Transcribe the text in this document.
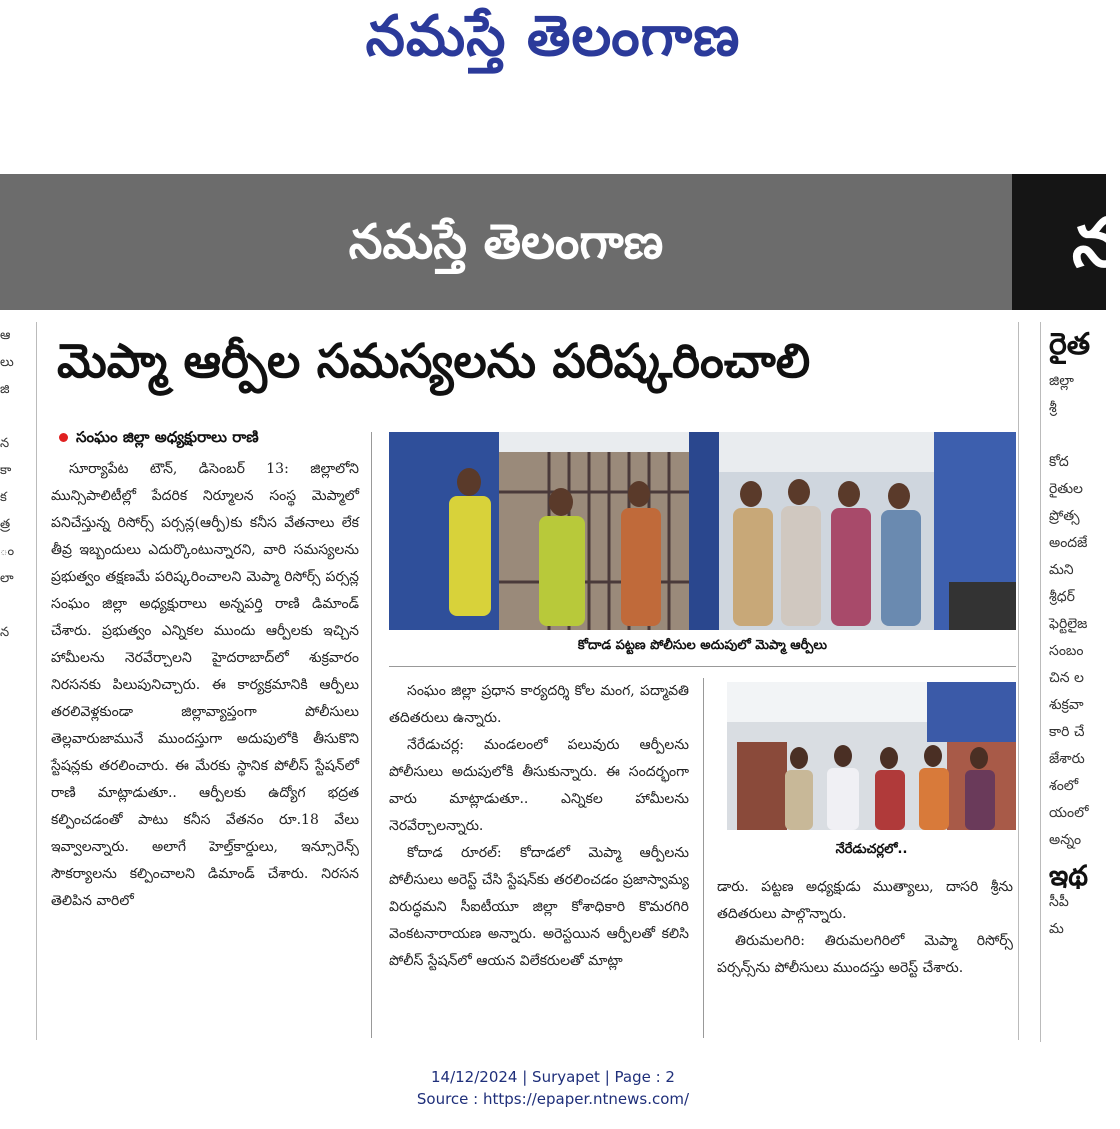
నమస్తే తెలంగాణ
నమస్తే తెలంగాణ	న
ఆ
లు
జి

న
కా
క
త్ర
ం
లా

న
మెప్మా ఆర్పీల సమస్యలను పరిష్కరించాలి
సంఘం జిల్లా అధ్యక్షురాలు రాణి

సూర్యాపేట టౌన్, డిసెంబర్ 13: జిల్లాలోని మున్సిపాలిటీల్లో పేదరిక నిర్మూలన సంస్థ మెప్మాలో పనిచేస్తున్న రిసోర్స్ పర్సన్ల(ఆర్పీ)కు కనీస వేతనాలు లేక తీవ్ర ఇబ్బందులు ఎదుర్కొంటున్నారని, వారి సమస్యలను ప్రభుత్వం తక్షణమే పరిష్కరించాలని మెప్మా రిసోర్స్ పర్సన్ల సంఘం జిల్లా అధ్యక్షురాలు అన్నపర్తి రాణి డిమాండ్ చేశారు. ప్రభుత్వం ఎన్నికల ముందు ఆర్పీలకు ఇచ్చిన హామీలను నెరవేర్చాలని హైదరాబాద్‌లో శుక్రవారం నిరసనకు పిలుపునిచ్చారు. ఈ కార్యక్రమానికి ఆర్పీలు తరలివెళ్లకుండా జిల్లావ్యాప్తంగా పోలీసులు తెల్లవారుజామునే ముందస్తుగా అదుపులోకి తీసుకొని స్టేషన్లకు తరలించారు. ఈ మేరకు స్థానిక పోలీస్ స్టేషన్‌లో రాణి మాట్లాడుతూ.. ఆర్పీలకు ఉద్యోగ భద్రత కల్పించడంతో పాటు కనీస వేతనం రూ.18 వేలు ఇవ్వాలన్నారు. అలాగే హెల్త్‌కార్డులు, ఇన్సూరెన్స్ సౌకర్యాలను కల్పించాలని డిమాండ్ చేశారు. నిరసన తెలిపిన వారిలో

కోదాడ పట్టణ పోలీసుల అదుపులో మెప్మా ఆర్పీలు

సంఘం జిల్లా ప్రధాన కార్యదర్శి కోల మంగ, పద్మావతి తదితరులు ఉన్నారు.

నేరేడుచర్ల: మండలంలో పలువురు ఆర్పీలను పోలీసులు అదుపులోకి తీసుకున్నారు. ఈ సందర్భంగా వారు మాట్లాడుతూ.. ఎన్నికల హామీలను నెరవేర్చాలన్నారు.

కోదాడ రూరల్: కోదాడలో మెప్మా ఆర్పీలను పోలీసులు అరెస్ట్ చేసి స్టేషన్‌కు తరలించడం ప్రజాస్వామ్య విరుద్ధమని సీఐటీయూ జిల్లా కోశాధికారి కొమరగిరి వెంకటనారాయణ అన్నారు. అరెస్టయిన ఆర్పీలతో కలిసి పోలీస్ స్టేషన్‌లో ఆయన విలేకరులతో మాట్లా

నేరేడుచర్లలో..

డారు. పట్టణ అధ్యక్షుడు ముత్యాలు, దాసరి శ్రీను తదితరులు పాల్గొన్నారు.

తిరుమలగిరి: తిరుమలగిరిలో మెప్మా రిసోర్స్ పర్సన్స్‌ను పోలీసులు ముందస్తు అరెస్ట్ చేశారు.

రైత
జిల్లా
శ్రీ

కోద
రైతుల
ప్రోత్స
అందజే
మని
శ్రీధర్
ఫెర్టిలైజ
సంబం
చిన ల
శుక్రవా
కారి చే
జేశారు
శంలో
యంలో
అన్నం
ఇథ
సీపీ
మ
14/12/2024 | Suryapet | Page : 2
Source : https://epaper.ntnews.com/
